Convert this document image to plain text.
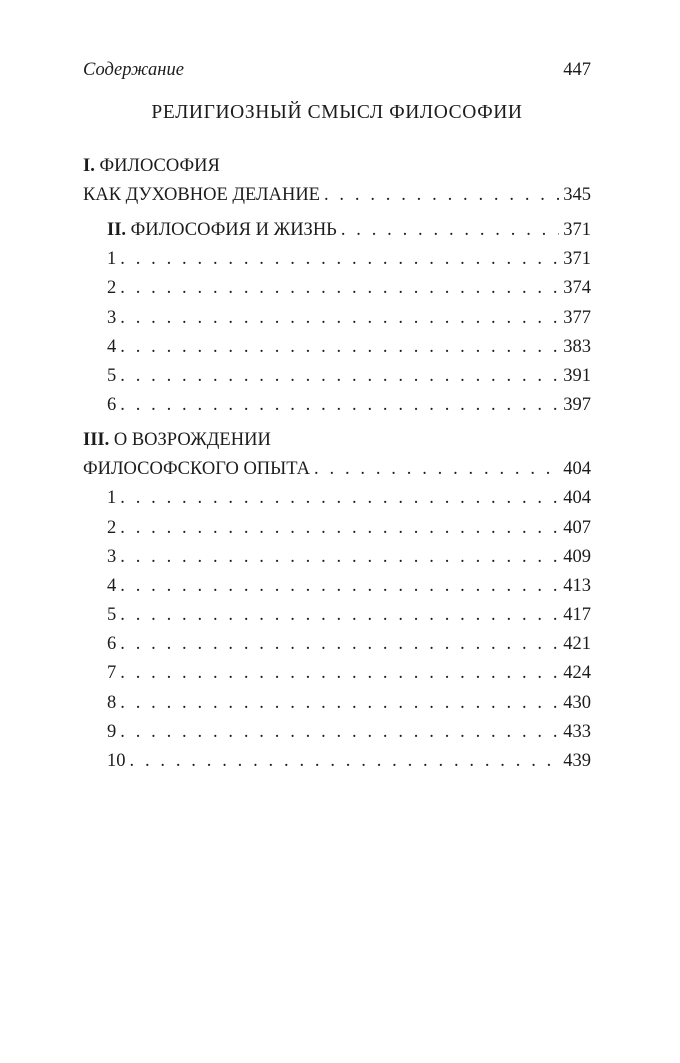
Содержание	447
РЕЛИГИОЗНЫЙ СМЫСЛ ФИЛОСОФИИ
I. ФИЛОСОФИЯ
КАК ДУХОВНОЕ ДЕЛАНИЕ . . .	345
II. ФИЛОСОФИЯ И ЖИЗНЬ . . .	371
1 . . .	371
2 . . .	374
3 . . .	377
4 . . .	383
5 . . .	391
6 . . .	397
III. О ВОЗРОЖДЕНИИ
ФИЛОСОФСКОГО ОПЫТА . . .	404
1 . . .	404
2 . . .	407
3 . . .	409
4 . . .	413
5 . . .	417
6 . . .	421
7 . . .	424
8 . . .	430
9 . . .	433
10 . . .	439
